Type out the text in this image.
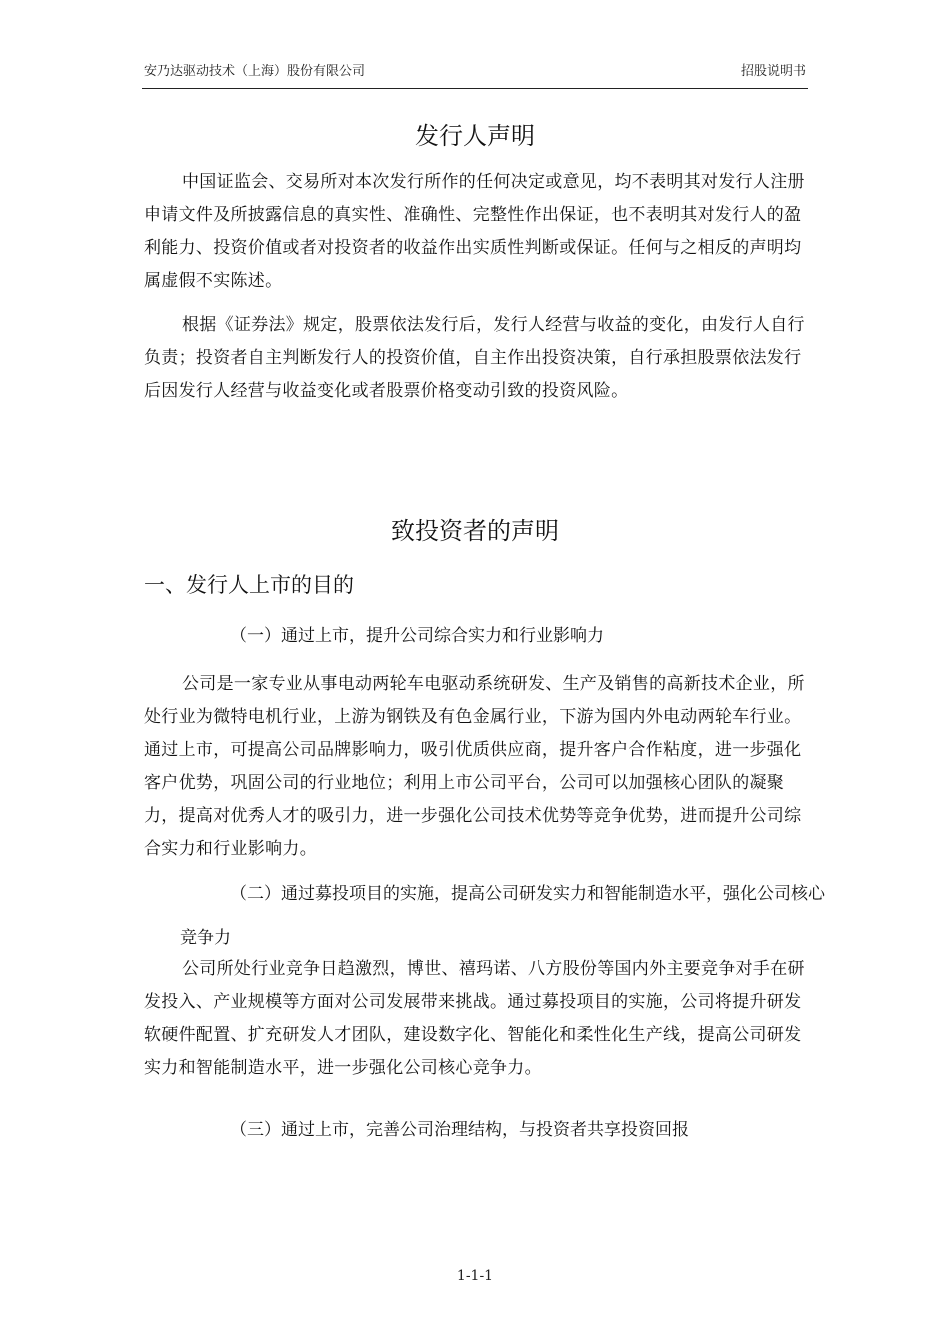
安乃达驱动技术（上海）股份有限公司	招股说明书
发行人声明

中国证监会、交易所对本次发行所作的任何决定或意见，均不表明其对发行人注册申请文件及所披露信息的真实性、准确性、完整性作出保证，也不表明其对发行人的盈利能力、投资价值或者对投资者的收益作出实质性判断或保证。任何与之相反的声明均属虚假不实陈述。

根据《证券法》规定，股票依法发行后，发行人经营与收益的变化，由发行人自行负责；投资者自主判断发行人的投资价值，自主作出投资决策，自行承担股票依法发行后因发行人经营与收益变化或者股票价格变动引致的投资风险。

致投资者的声明
一、发行人上市的目的

（一）通过上市，提升公司综合实力和行业影响力

公司是一家专业从事电动两轮车电驱动系统研发、生产及销售的高新技术企业，所处行业为微特电机行业，上游为钢铁及有色金属行业，下游为国内外电动两轮车行业。通过上市，可提高公司品牌影响力，吸引优质供应商，提升客户合作粘度，进一步强化客户优势，巩固公司的行业地位；利用上市公司平台，公司可以加强核心团队的凝聚力，提高对优秀人才的吸引力，进一步强化公司技术优势等竞争优势，进而提升公司综合实力和行业影响力。

（二）通过募投项目的实施，提高公司研发实力和智能制造水平，强化公司核心竞争力

公司所处行业竞争日趋激烈，博世、禧玛诺、八方股份等国内外主要竞争对手在研发投入、产业规模等方面对公司发展带来挑战。通过募投项目的实施，公司将提升研发软硬件配置、扩充研发人才团队，建设数字化、智能化和柔性化生产线，提高公司研发实力和智能制造水平，进一步强化公司核心竞争力。

（三）通过上市，完善公司治理结构，与投资者共享投资回报

1-1-1
